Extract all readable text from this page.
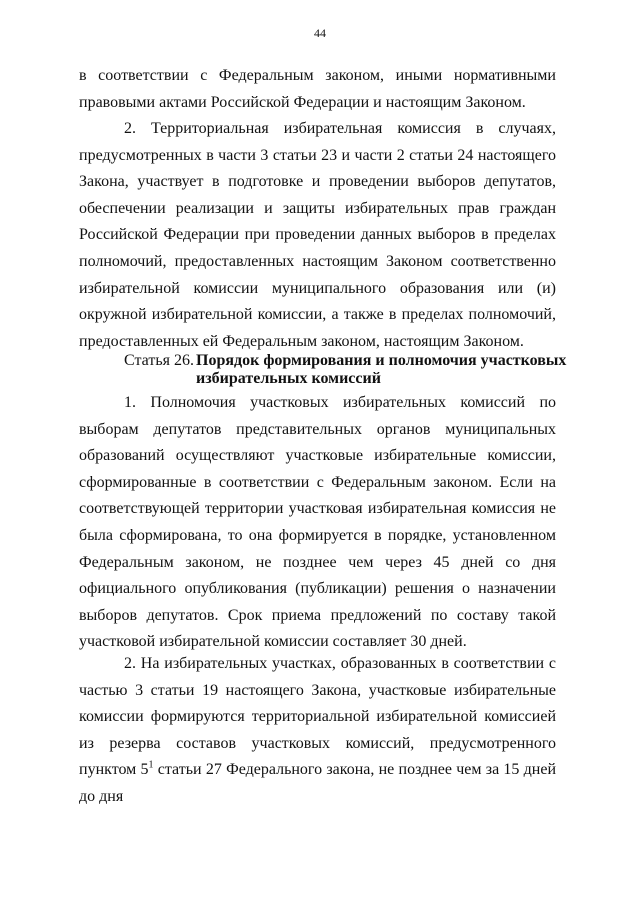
44

в соответствии с Федеральным законом, иными нормативными правовыми актами Российской Федерации и настоящим Законом.

2. Территориальная избирательная комиссия в случаях, предусмотренных в части 3 статьи 23 и части 2 статьи 24 настоящего Закона, участвует в подготовке и проведении выборов депутатов, обеспечении реализации и защиты избирательных прав граждан Российской Федерации при проведении данных выборов в пределах полномочий, предоставленных настоящим Законом соответственно избирательной комиссии муниципального образования или (и) окружной избирательной комиссии, а также в пределах полномочий, предоставленных ей Федеральным законом, настоящим Законом.

Статья 26. Порядок формирования и полномочия участковых
избирательных комиссий

1. Полномочия участковых избирательных комиссий по выборам депутатов представительных органов муниципальных образований осуществляют участковые избирательные комиссии, сформированные в соответствии с Федеральным законом. Если на соответствующей территории участковая избирательная комиссия не была сформирована, то она формируется в порядке, установленном Федеральным законом, не позднее чем через 45 дней со дня официального опубликования (публикации) решения о назначении выборов депутатов. Срок приема предложений по составу такой участковой избирательной комиссии составляет 30 дней.

2. На избирательных участках, образованных в соответствии с частью 3 статьи 19 настоящего Закона, участковые избирательные комиссии формируются территориальной избирательной комиссией из резерва составов участковых комиссий, предусмотренного пунктом $5^1$ статьи 27 Федерального закона, не позднее чем за 15 дней до дня
